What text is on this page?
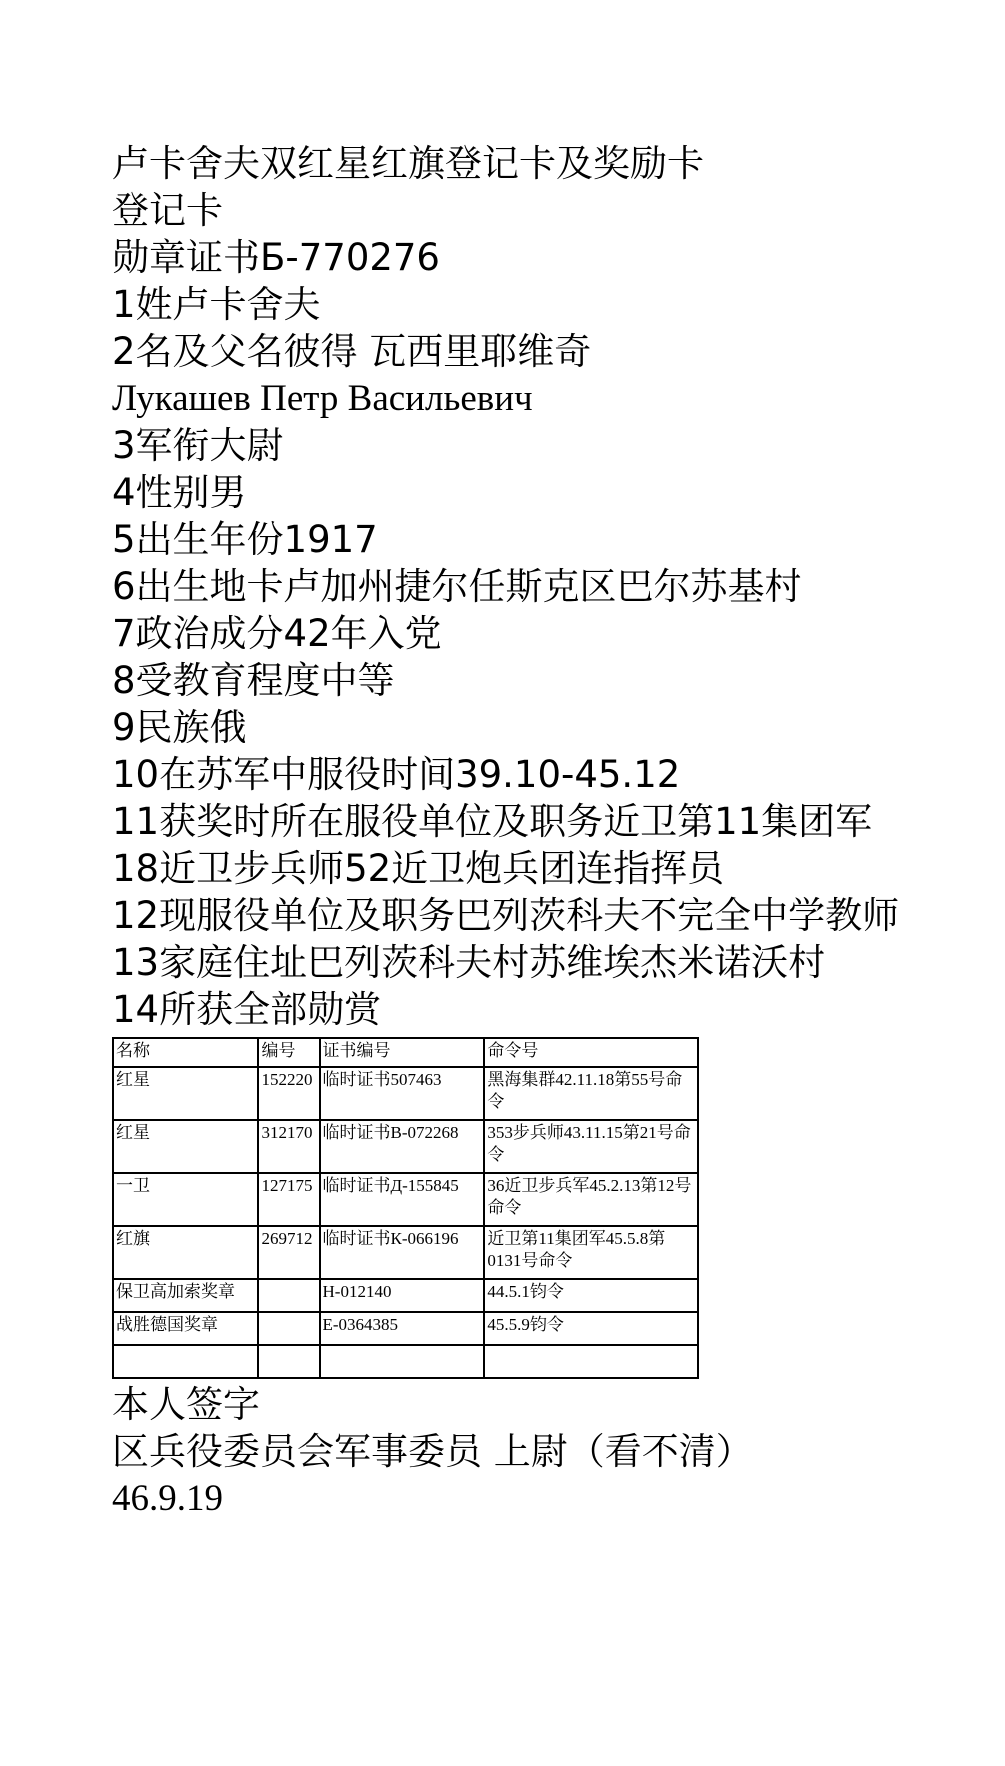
卢卡舍夫双红星红旗登记卡及奖励卡
登记卡
勋章证书Б-770276
1姓卢卡舍夫
2名及父名彼得 瓦西里耶维奇
Лукашев Петр Васильевич
3军衔大尉
4性别男
5出生年份1917
6出生地卡卢加州捷尔任斯克区巴尔苏基村
7政治成分42年入党
8受教育程度中等
9民族俄
10在苏军中服役时间39.10-45.12
11获奖时所在服役单位及职务近卫第11集团军
18近卫步兵师52近卫炮兵团连指挥员
12现服役单位及职务巴列茨科夫不完全中学教师
13家庭住址巴列茨科夫村苏维埃杰米诺沃村
14所获全部勋赏
名称	编号	证书编号	命令号
红星	152220	临时证书507463	黑海集群42.11.18第55号命令
红星	312170	临时证书В-072268	353步兵师43.11.15第21号命令
一卫	127175	临时证书Д-155845	36近卫步兵军45.2.13第12号命令
红旗	269712	临时证书К-066196	近卫第11集团军45.5.8第0131号命令
保卫高加索奖章		Н-012140	44.5.1钧令
战胜德国奖章		Е-0364385	45.5.9钧令

本人签字
区兵役委员会军事委员 上尉（看不清）
46.9.19
